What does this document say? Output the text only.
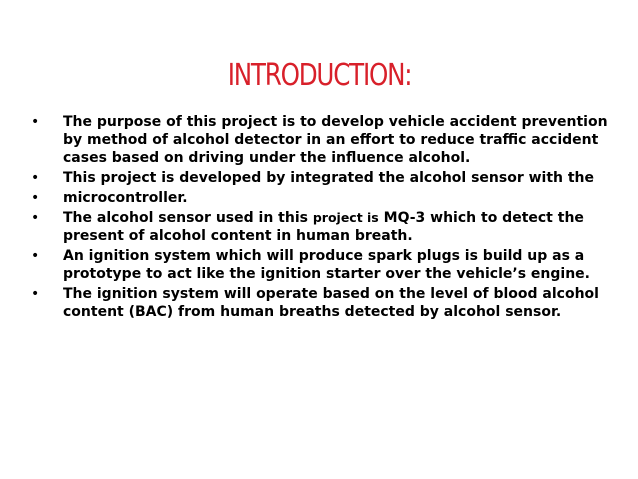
INTRODUCTION:
• The purpose of this project is to develop vehicle accident prevention by method of alcohol detector in an effort to reduce traffic accident cases based on driving under the influence alcohol.
• This project is developed by integrated the alcohol sensor with the
• microcontroller.
• The alcohol sensor used in this project is MQ-3 which to detect the present of alcohol content in human breath.
• An ignition system which will produce spark plugs is build up as a prototype to act like the ignition starter over the vehicle’s engine.
• The ignition system will operate based on the level of blood alcohol content (BAC) from human breaths detected by alcohol sensor.
